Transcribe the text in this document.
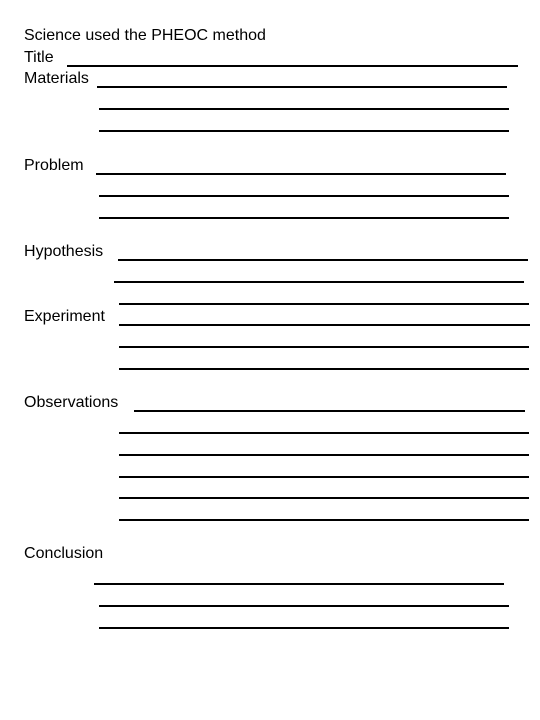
Science used the PHEOC method
Title
Materials
Problem
Hypothesis
Experiment
Observations
Conclusion
